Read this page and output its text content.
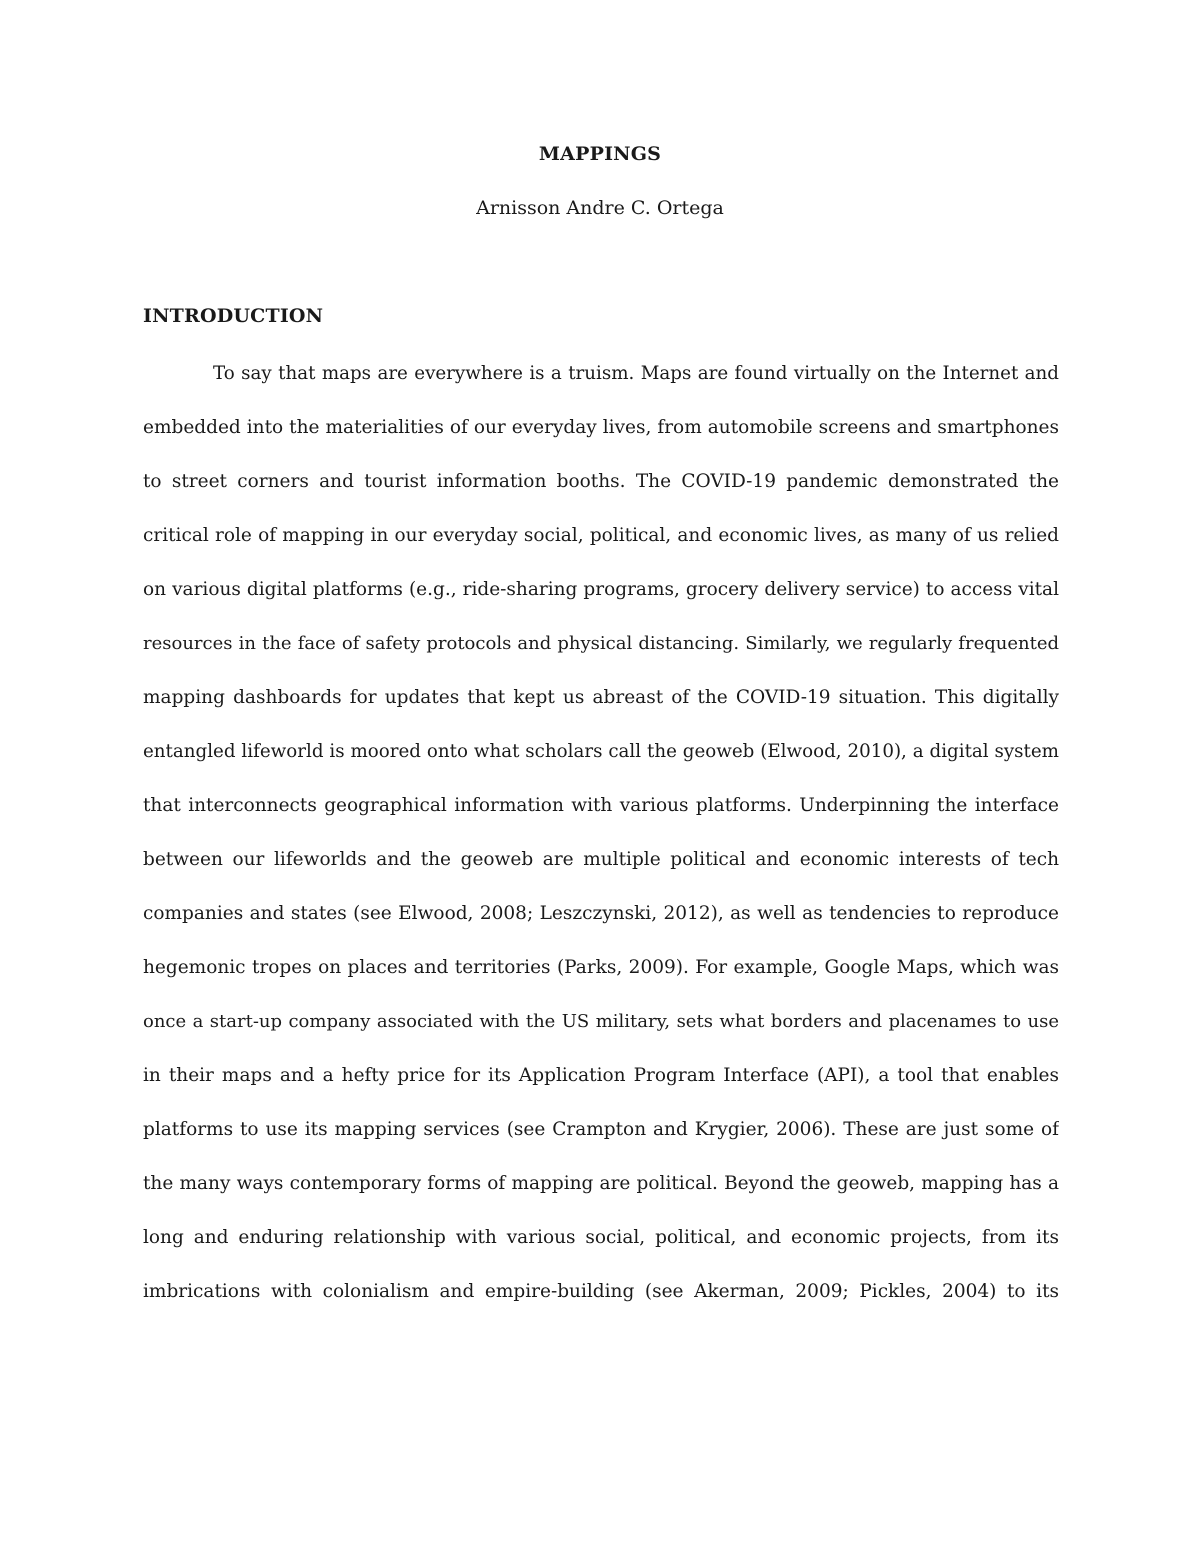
MAPPINGS
Arnisson Andre C. Ortega
INTRODUCTION
To say that maps are everywhere is a truism. Maps are found virtually on the Internet and
embedded into the materialities of our everyday lives, from automobile screens and smartphones
to street corners and tourist information booths. The COVID-19 pandemic demonstrated the
critical role of mapping in our everyday social, political, and economic lives, as many of us relied
on various digital platforms (e.g., ride-sharing programs, grocery delivery service) to access vital
resources in the face of safety protocols and physical distancing. Similarly, we regularly frequented
mapping dashboards for updates that kept us abreast of the COVID-19 situation. This digitally
entangled lifeworld is moored onto what scholars call the geoweb (Elwood, 2010), a digital system
that interconnects geographical information with various platforms. Underpinning the interface
between our lifeworlds and the geoweb are multiple political and economic interests of tech
companies and states (see Elwood, 2008; Leszczynski, 2012), as well as tendencies to reproduce
hegemonic tropes on places and territories (Parks, 2009). For example, Google Maps, which was
once a start-up company associated with the US military, sets what borders and placenames to use
in their maps and a hefty price for its Application Program Interface (API), a tool that enables
platforms to use its mapping services (see Crampton and Krygier, 2006). These are just some of
the many ways contemporary forms of mapping are political. Beyond the geoweb, mapping has a
long and enduring relationship with various social, political, and economic projects, from its
imbrications with colonialism and empire-building (see Akerman, 2009; Pickles, 2004) to its
